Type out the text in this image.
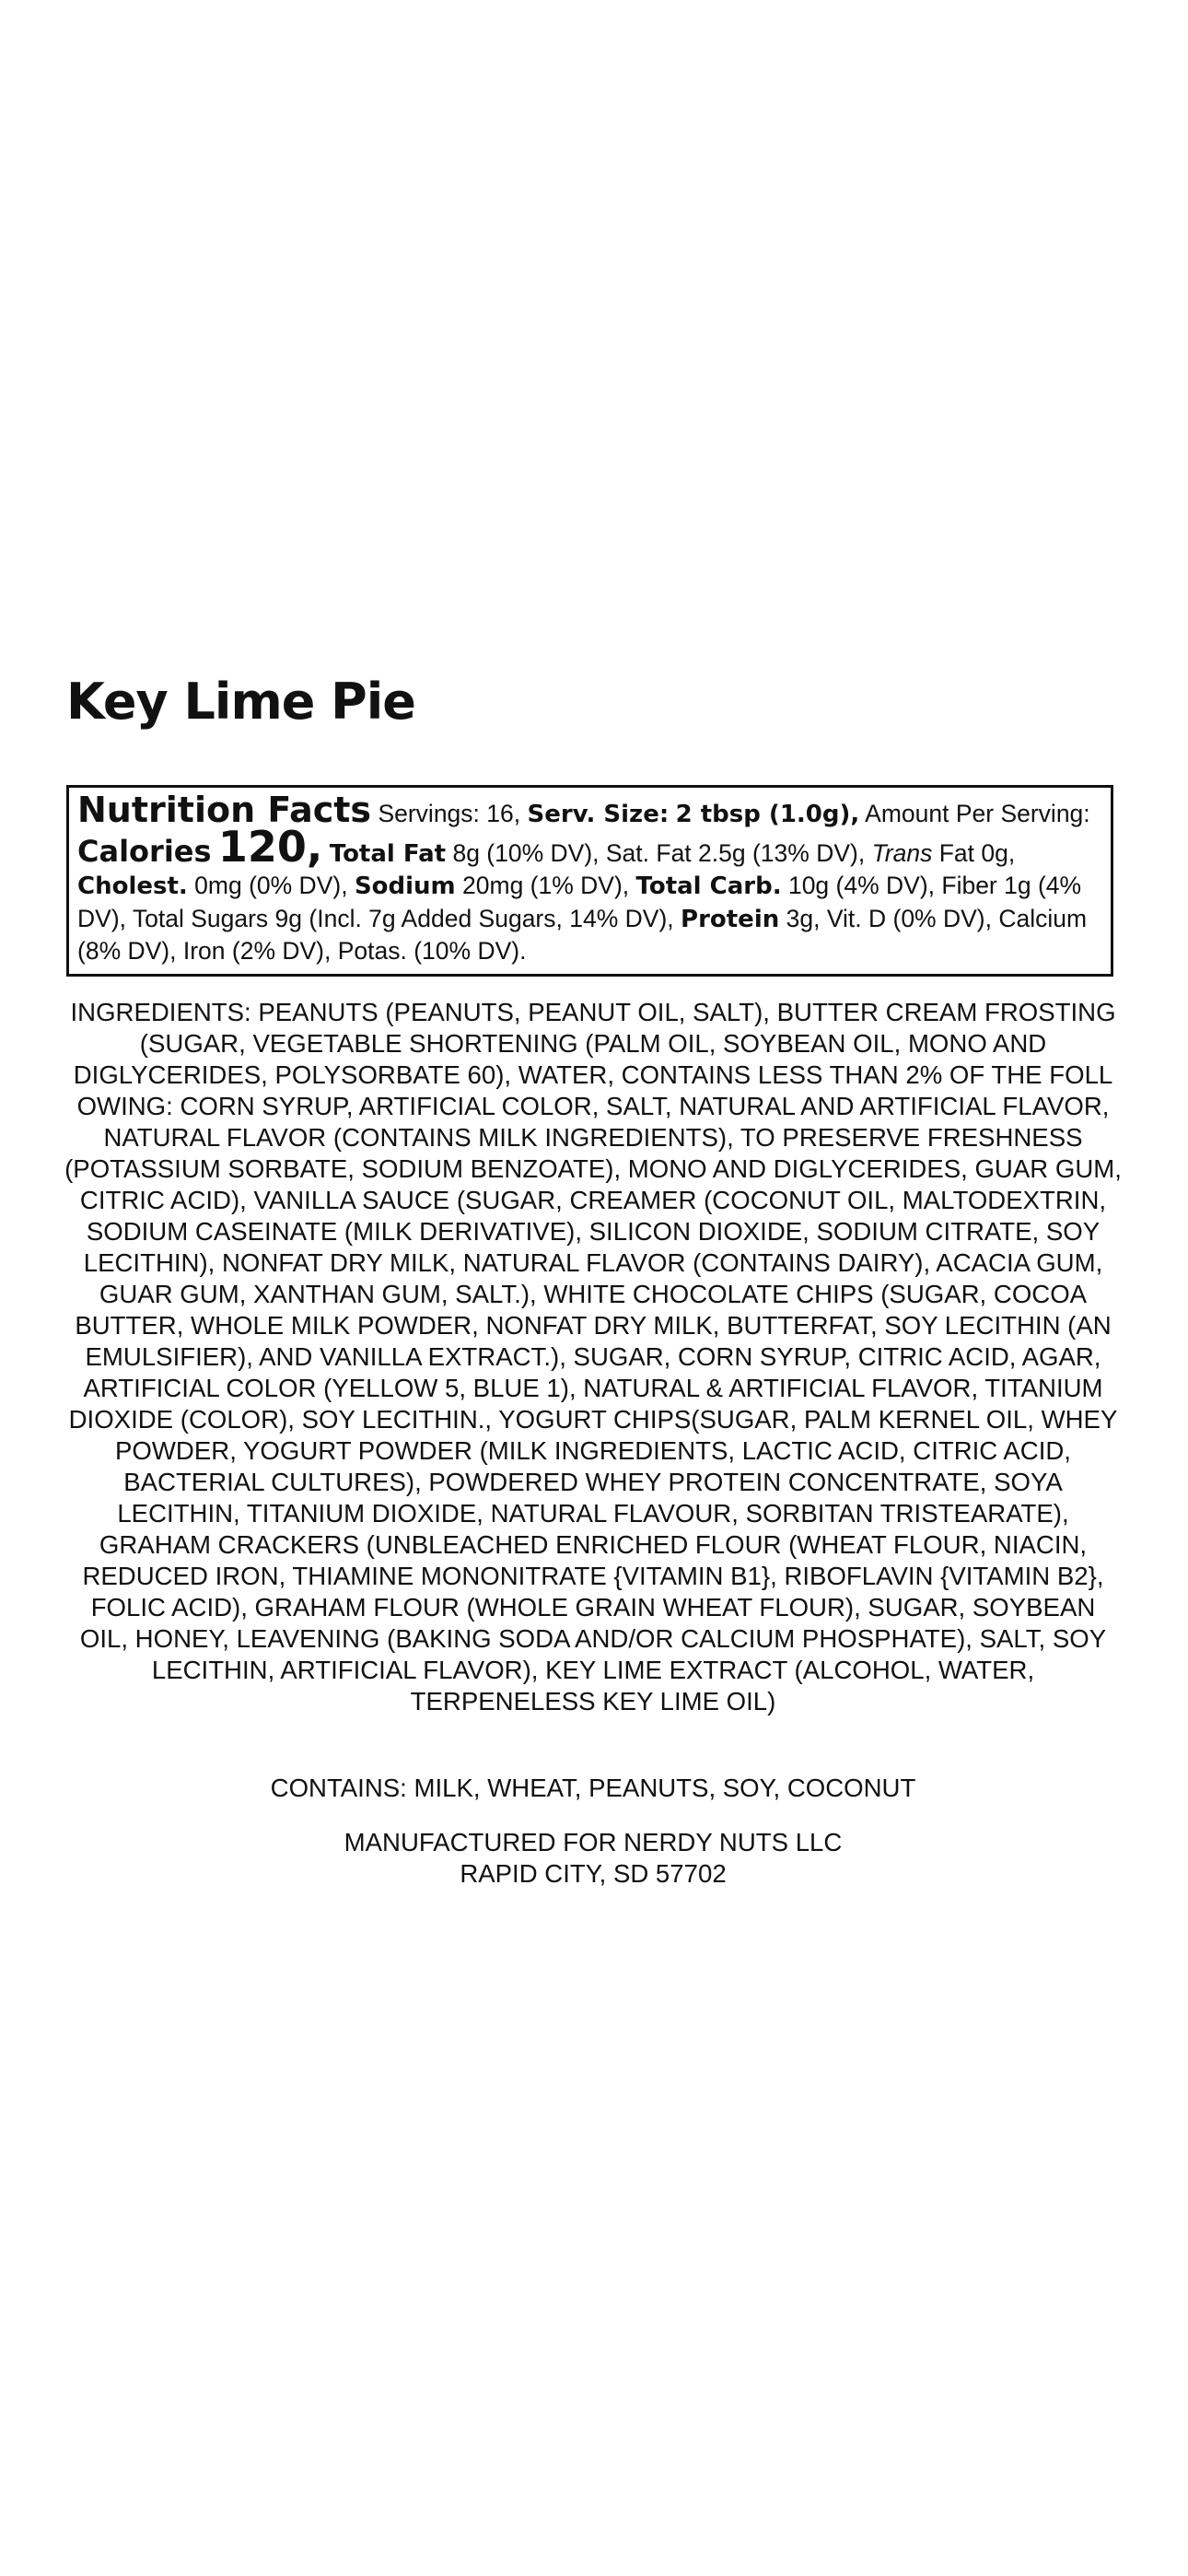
Key Lime Pie
Nutrition Facts Servings: 16, Serv. Size: 2 tbsp (1.0g), Amount Per Serving: Calories 120, Total Fat 8g (10% DV), Sat. Fat 2.5g (13% DV), Trans Fat 0g, Cholest. 0mg (0% DV), Sodium 20mg (1% DV), Total Carb. 10g (4% DV), Fiber 1g (4% DV), Total Sugars 9g (Incl. 7g Added Sugars, 14% DV), Protein 3g, Vit. D (0% DV), Calcium (8% DV), Iron (2% DV), Potas. (10% DV).

INGREDIENTS: PEANUTS (PEANUTS, PEANUT OIL, SALT), BUTTER CREAM FROSTING (SUGAR, VEGETABLE SHORTENING (PALM OIL, SOYBEAN OIL, MONO AND DIGLYCERIDES, POLYSORBATE 60), WATER, CONTAINS LESS THAN 2% OF THE FOLL OWING: CORN SYRUP, ARTIFICIAL COLOR, SALT, NATURAL AND ARTIFICIAL FLAVOR, NATURAL FLAVOR (CONTAINS MILK INGREDIENTS), TO PRESERVE FRESHNESS (POTASSIUM SORBATE, SODIUM BENZOATE), MONO AND DIGLYCERIDES, GUAR GUM, CITRIC ACID), VANILLA SAUCE (SUGAR, CREAMER (COCONUT OIL, MALTODEXTRIN, SODIUM CASEINATE (MILK DERIVATIVE), SILICON DIOXIDE, SODIUM CITRATE, SOY LECITHIN), NONFAT DRY MILK, NATURAL FLAVOR (CONTAINS DAIRY), ACACIA GUM, GUAR GUM, XANTHAN GUM, SALT.), WHITE CHOCOLATE CHIPS (SUGAR, COCOA BUTTER, WHOLE MILK POWDER, NONFAT DRY MILK, BUTTERFAT, SOY LECITHIN (AN EMULSIFIER), AND VANILLA EXTRACT.), SUGAR, CORN SYRUP, CITRIC ACID, AGAR, ARTIFICIAL COLOR (YELLOW 5, BLUE 1), NATURAL & ARTIFICIAL FLAVOR, TITANIUM DIOXIDE (COLOR), SOY LECITHIN., YOGURT CHIPS(SUGAR, PALM KERNEL OIL, WHEY POWDER, YOGURT POWDER (MILK INGREDIENTS, LACTIC ACID, CITRIC ACID, BACTERIAL CULTURES), POWDERED WHEY PROTEIN CONCENTRATE, SOYA LECITHIN, TITANIUM DIOXIDE, NATURAL FLAVOUR, SORBITAN TRISTEARATE), GRAHAM CRACKERS (UNBLEACHED ENRICHED FLOUR (WHEAT FLOUR, NIACIN, REDUCED IRON, THIAMINE MONONITRATE {VITAMIN B1}, RIBOFLAVIN {VITAMIN B2}, FOLIC ACID), GRAHAM FLOUR (WHOLE GRAIN WHEAT FLOUR), SUGAR, SOYBEAN OIL, HONEY, LEAVENING (BAKING SODA AND/OR CALCIUM PHOSPHATE), SALT, SOY LECITHIN, ARTIFICIAL FLAVOR), KEY LIME EXTRACT (ALCOHOL, WATER, TERPENELESS KEY LIME OIL)

CONTAINS: MILK, WHEAT, PEANUTS, SOY, COCONUT

MANUFACTURED FOR NERDY NUTS LLC
RAPID CITY, SD 57702
